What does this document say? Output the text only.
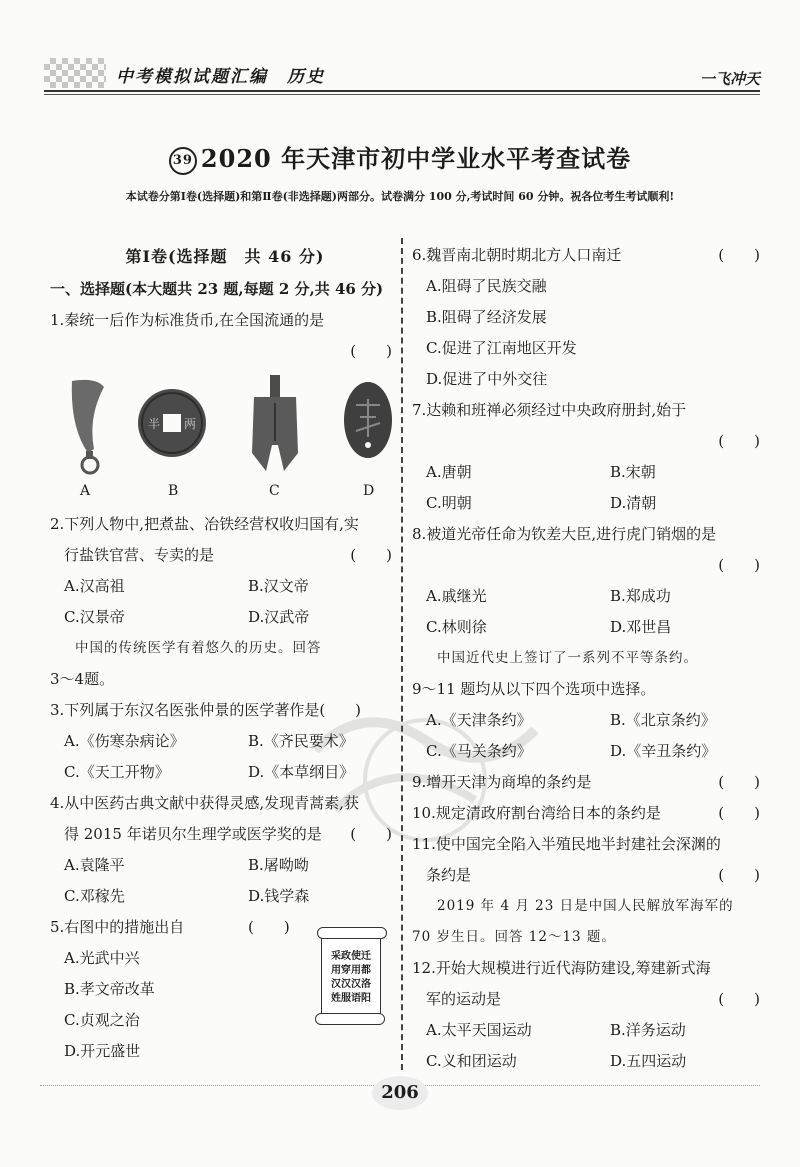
中考模拟试题汇编　历史	一飞冲天
39 2020 年天津市初中学业水平考查试卷
本试卷分第Ⅰ卷(选择题)和第Ⅱ卷(非选择题)两部分。试卷满分 100 分,考试时间 60 分钟。祝各位考生考试顺利!
第Ⅰ卷(选择题　共 46 分)
一、选择题(本大题共 23 题,每题 2 分,共 46 分)
1.秦统一后作为标准货币,在全国流通的是
(　　)
半 两
A	B	C	D
2.下列人物中,把煮盐、冶铁经营权收归国有,实
行盐铁官营、专卖的是	(　　)
A.汉高祖	B.汉文帝
C.汉景帝	D.汉武帝
中国的传统医学有着悠久的历史。回答
3～4题。
3.下列属于东汉名医张仲景的医学著作是(　　)
A.《伤寒杂病论》	B.《齐民要术》
C.《天工开物》	D.《本草纲目》
4.从中医药古典文献中获得灵感,发现青蒿素,获
得 2015 年诺贝尔生理学或医学奖的是 (　　)
A.袁隆平	B.屠呦呦
C.邓稼先	D.钱学森
5.右图中的措施出自	(　　)
A.光武中兴
B.孝文帝改革
C.贞观之治
D.开元盛世
采政使迁
用穿用都
汉汉汉洛
姓服语阳
6.魏晋南北朝时期北方人口南迁	(　　)
A.阻碍了民族交融
B.阻碍了经济发展
C.促进了江南地区开发
D.促进了中外交往
7.达赖和班禅必须经过中央政府册封,始于
(　　)
A.唐朝	B.宋朝
C.明朝	D.清朝
8.被道光帝任命为钦差大臣,进行虎门销烟的是
(　　)
A.戚继光	B.郑成功
C.林则徐	D.邓世昌
中国近代史上签订了一系列不平等条约。
9～11 题均从以下四个选项中选择。
A.《天津条约》	B.《北京条约》
C.《马关条约》	D.《辛丑条约》
9.增开天津为商埠的条约是	(　　)
10.规定清政府割台湾给日本的条约是	(　　)
11.使中国完全陷入半殖民地半封建社会深渊的
条约是	(　　)
2019 年 4 月 23 日是中国人民解放军海军的
70 岁生日。回答 12～13 题。
12.开始大规模进行近代海防建设,筹建新式海
军的运动是	(　　)
A.太平天国运动	B.洋务运动
C.义和团运动	D.五四运动
206
